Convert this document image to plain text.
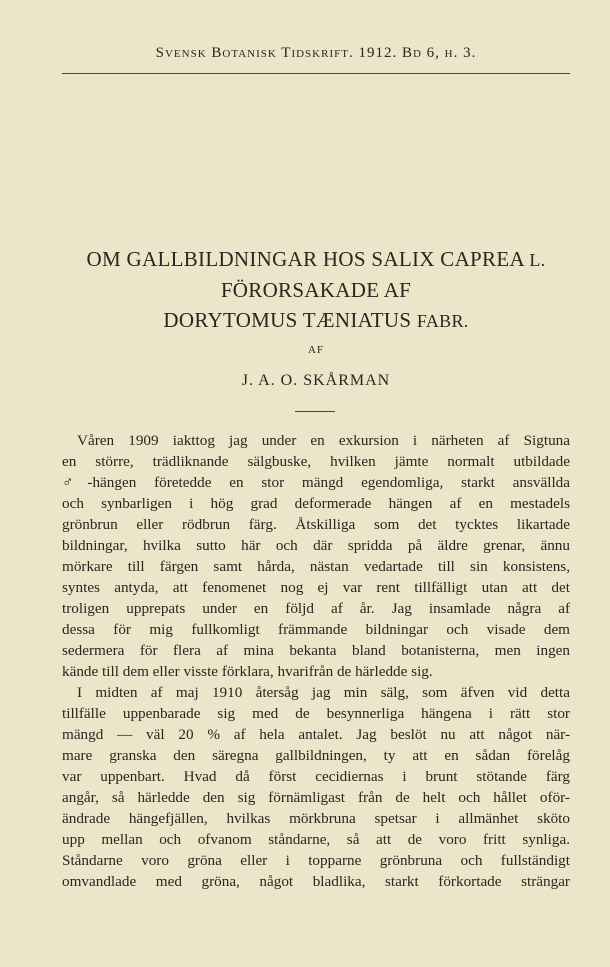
Svensk Botanisk Tidskrift. 1912. Bd 6, h. 3.
OM GALLBILDNINGAR HOS SALIX CAPREA L.
FÖRORSAKADE AF
DORYTOMUS TÆNIATUS FABR.
AF
J. A. O. SKÅRMAN
Våren 1909 iakttog jag under en exkursion i närheten af Sigtuna
en större, trädliknande sälgbuske, hvilken jämte normalt utbildade
♂-hängen företedde en stor mängd egendomliga, starkt ansvällda
och synbarligen i hög grad deformerade hängen af en mestadels
grönbrun eller rödbrun färg. Åtskilliga som det tycktes likartade
bildningar, hvilka sutto här och där spridda på äldre grenar, ännu
mörkare till färgen samt hårda, nästan vedartade till sin konsistens,
syntes antyda, att fenomenet nog ej var rent tillfälligt utan att det
troligen upprepats under en följd af år. Jag insamlade några af
dessa för mig fullkomligt främmande bildningar och visade dem
sedermera för flera af mina bekanta bland botanisterna, men ingen
kände till dem eller visste förklara, hvarifrån de härledde sig.
I midten af maj 1910 återsåg jag min sälg, som äfven vid detta
tillfälle uppenbarade sig med de besynnerliga hängena i rätt stor
mängd — väl 20 % af hela antalet. Jag beslöt nu att något när-
mare granska den säregna gallbildningen, ty att en sådan förelåg
var uppenbart. Hvad då först cecidiernas i brunt stötande färg
angår, så härledde den sig förnämligast från de helt och hållet oför-
ändrade hängefjällen, hvilkas mörkbruna spetsar i allmänhet sköto
upp mellan och ofvanom ståndarne, så att de voro fritt synliga.
Ståndarne voro gröna eller i topparne grönbruna och fullständigt
omvandlade med gröna, något bladlika, starkt förkortade strängar
